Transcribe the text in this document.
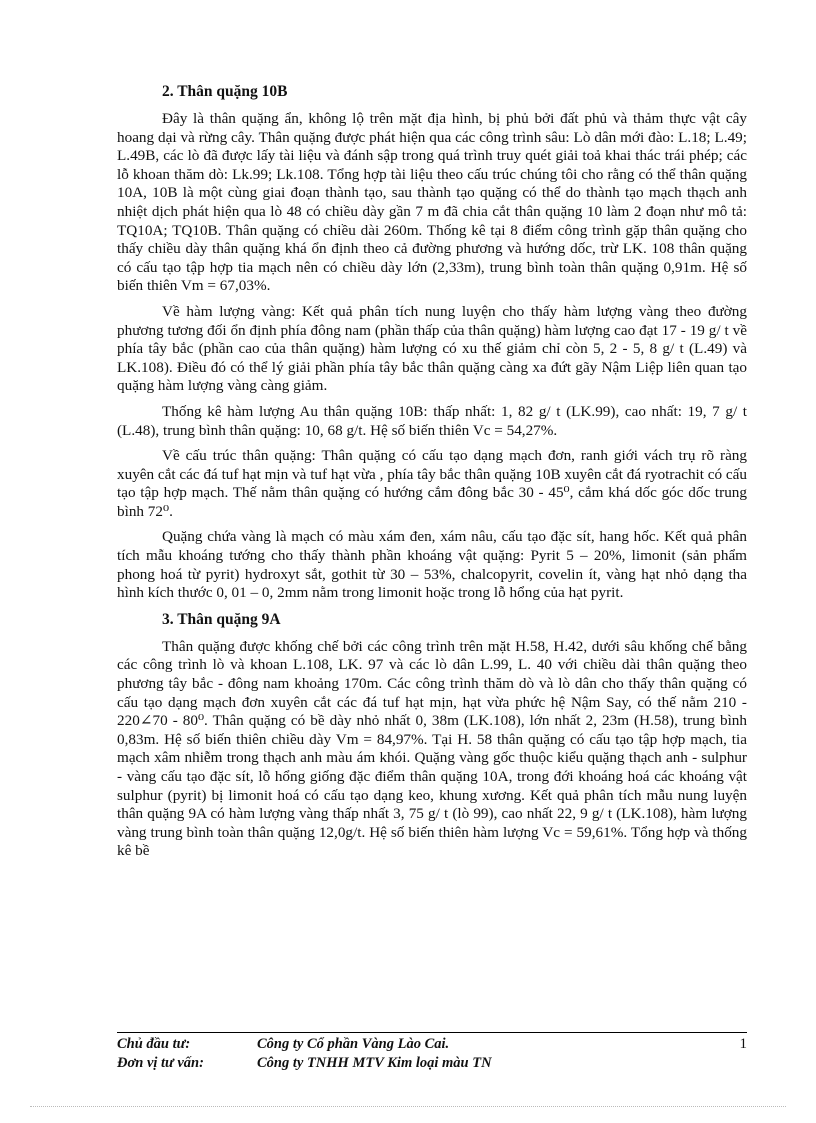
2. Thân quặng 10B

Đây là thân quặng ẩn, không lộ trên mặt địa hình, bị phủ bởi đất phủ và thảm thực vật cây hoang dại và rừng cây. Thân quặng được phát hiện qua các công trình sâu: Lò dân mới đào: L.18; L.49; L.49B, các lò đã được lấy tài liệu và đánh sập trong quá trình truy quét giải toả khai thác trái phép; các lỗ khoan thăm dò: Lk.99; Lk.108. Tổng hợp tài liệu theo cấu trúc chúng tôi cho rằng có thể thân quặng 10A, 10B là một cùng giai đoạn thành tạo, sau thành tạo quặng có thể do thành tạo mạch thạch anh nhiệt dịch phát hiện qua lò 48 có chiều dày gần 7 m đã chia cắt thân quặng 10 làm 2 đoạn như mô tả: TQ10A; TQ10B. Thân quặng có chiều dài 260m. Thống kê tại 8 điểm công trình gặp thân quặng cho thấy chiều dày thân quặng khá ổn định theo cả đường phương và hướng dốc, trừ LK. 108 thân quặng có cấu tạo tập hợp tia mạch nên có chiều dày lớn (2,33m), trung bình toàn thân quặng 0,91m. Hệ số biến thiên Vm = 67,03%.

Về hàm lượng vàng: Kết quả phân tích nung luyện cho thấy hàm lượng vàng theo đường phương tương đối ổn định phía đông nam (phần thấp của thân quặng) hàm lượng cao đạt 17 - 19 g/ t về phía tây bắc (phần cao của thân quặng) hàm lượng có xu thế giảm chỉ còn 5, 2 - 5, 8 g/ t (L.49) và LK.108). Điều đó có thể lý giải phần phía tây bắc thân quặng càng xa đứt gãy Nậm Liệp liên quan tạo quặng hàm lượng vàng càng giảm.

Thống kê hàm lượng Au thân quặng 10B: thấp nhất: 1, 82 g/ t (LK.99), cao nhất: 19, 7 g/ t (L.48), trung bình thân quặng: 10, 68 g/t. Hệ số biến thiên Vc = 54,27%.

Về cấu trúc thân quặng: Thân quặng có cấu tạo dạng mạch đơn, ranh giới vách trụ rõ ràng xuyên cắt các đá tuf hạt mịn và tuf hạt vừa , phía tây bắc thân quặng 10B xuyên cắt đá ryotrachit có cấu tạo tập hợp mạch. Thế nằm thân quặng có hướng cắm đông bắc 30 - 45⁰, cắm khá dốc góc dốc trung bình 72⁰.

Quặng chứa vàng là mạch có màu xám đen, xám nâu, cấu tạo đặc sít, hang hốc. Kết quả phân tích mẫu khoáng tướng cho thấy thành phần khoáng vật quặng: Pyrit 5 – 20%, limonit (sản phẩm phong hoá từ pyrit) hydroxyt sắt, gothit từ 30 – 53%, chalcopyrit, covelin ít, vàng hạt nhỏ dạng tha hình kích thước 0, 01 – 0, 2mm nằm trong limonit hoặc trong lỗ hổng của hạt pyrit.

3. Thân quặng 9A

Thân quặng được khống chế bởi các công trình trên mặt H.58, H.42, dưới sâu khống chế bằng các công trình lò và khoan L.108, LK. 97 và các lò dân L.99, L. 40 với chiều dài thân quặng theo phương tây bắc - đông nam khoảng 170m. Các công trình thăm dò và lò dân cho thấy thân quặng có cấu tạo dạng mạch đơn xuyên cắt các đá tuf hạt mịn, hạt vừa phức hệ Nậm Say, có thế nằm 210 - 220∠70 - 80⁰. Thân quặng có bề dày nhỏ nhất 0, 38m (LK.108), lớn nhất 2, 23m (H.58), trung bình 0,83m. Hệ số biến thiên chiều dày Vm = 84,97%. Tại H. 58 thân quặng có cấu tạo tập hợp mạch, tia mạch xâm nhiễm trong thạch anh màu ám khói. Quặng vàng gốc thuộc kiểu quặng thạch anh - sulphur - vàng cấu tạo đặc sít, lỗ hổng giống đặc điểm thân quặng 10A, trong đới khoáng hoá các khoáng vật sulphur (pyrit) bị limonit hoá có cấu tạo dạng keo, khung xương. Kết quả phân tích mẫu nung luyện thân quặng 9A có hàm lượng vàng thấp nhất 3, 75 g/ t (lò 99), cao nhất 22, 9 g/ t (LK.108), hàm lượng vàng trung bình toàn thân quặng 12,0g/t. Hệ số biến thiên hàm lượng Vc = 59,61%. Tổng hợp và thống kê bề

Chủ đầu tư:	Công ty Cổ phần Vàng Lào Cai.	1
Đơn vị tư vấn:	Công ty TNHH MTV Kim loại màu TN
